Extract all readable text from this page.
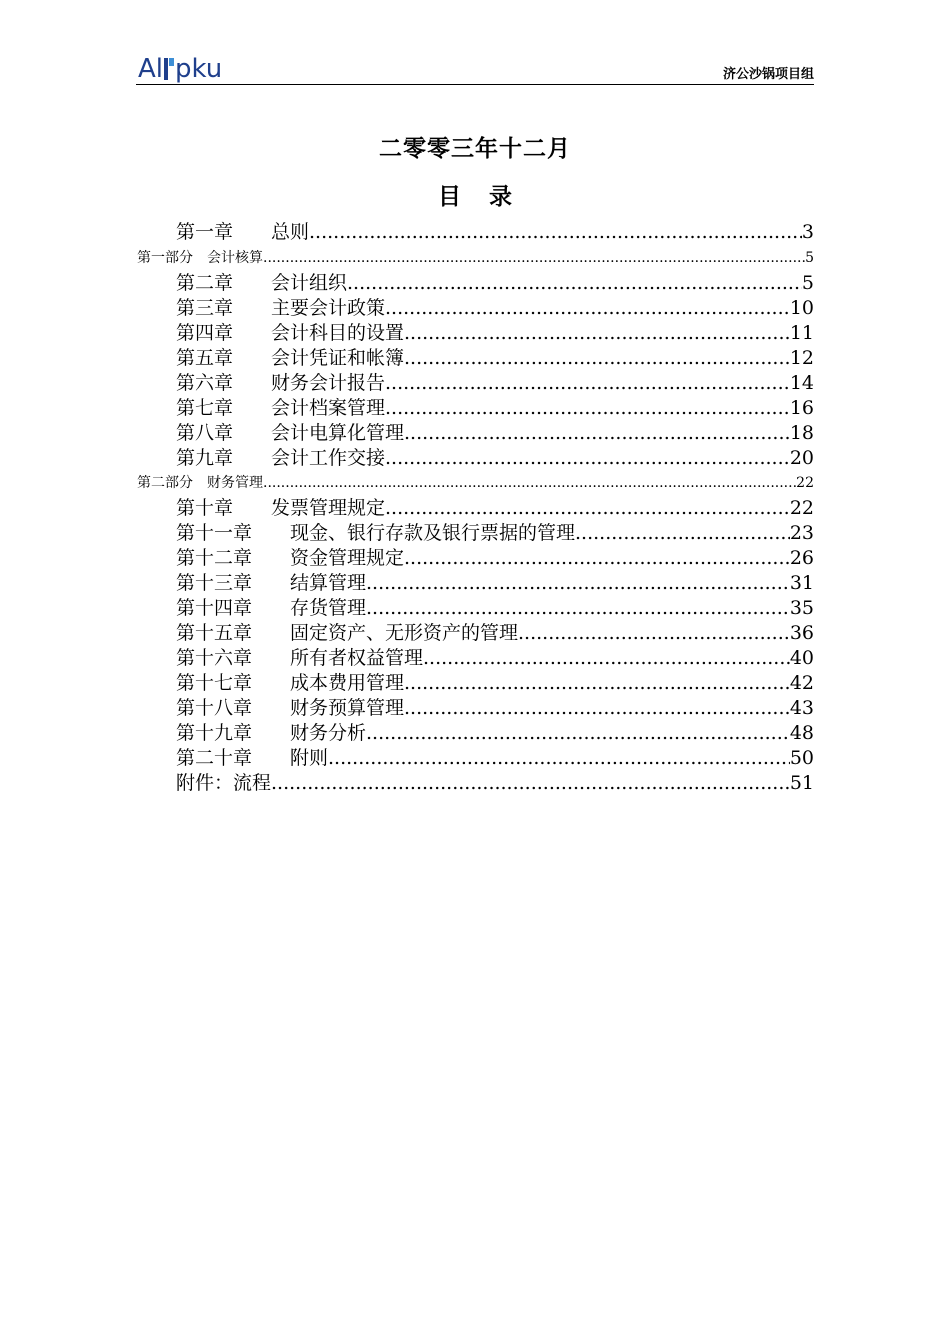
Al pku	济公沙锅项目组
二零零三年十二月
目录
第一章　　总则 .....	3
第一部分　会计核算 .....	5
第二章　　会计组织 .....	5
第三章　　主要会计政策 .....	10
第四章　　会计科目的设置 .....	11
第五章　　会计凭证和帐簿 .....	12
第六章　　财务会计报告 .....	14
第七章　　会计档案管理 .....	16
第八章　　会计电算化管理 .....	18
第九章　　会计工作交接 .....	20
第二部分　财务管理 .....	22
第十章　　发票管理规定 .....	22
第十一章　　现金、银行存款及银行票据的管理 .....	23
第十二章　　资金管理规定 .....	26
第十三章　　结算管理 .....	31
第十四章　　存货管理 .....	35
第十五章　　固定资产、无形资产的管理 .....	36
第十六章　　所有者权益管理 .....	40
第十七章　　成本费用管理 .....	42
第十八章　　财务预算管理 .....	43
第十九章　　财务分析 .....	48
第二十章　　附则 .....	50
附件：流程 .....	51
